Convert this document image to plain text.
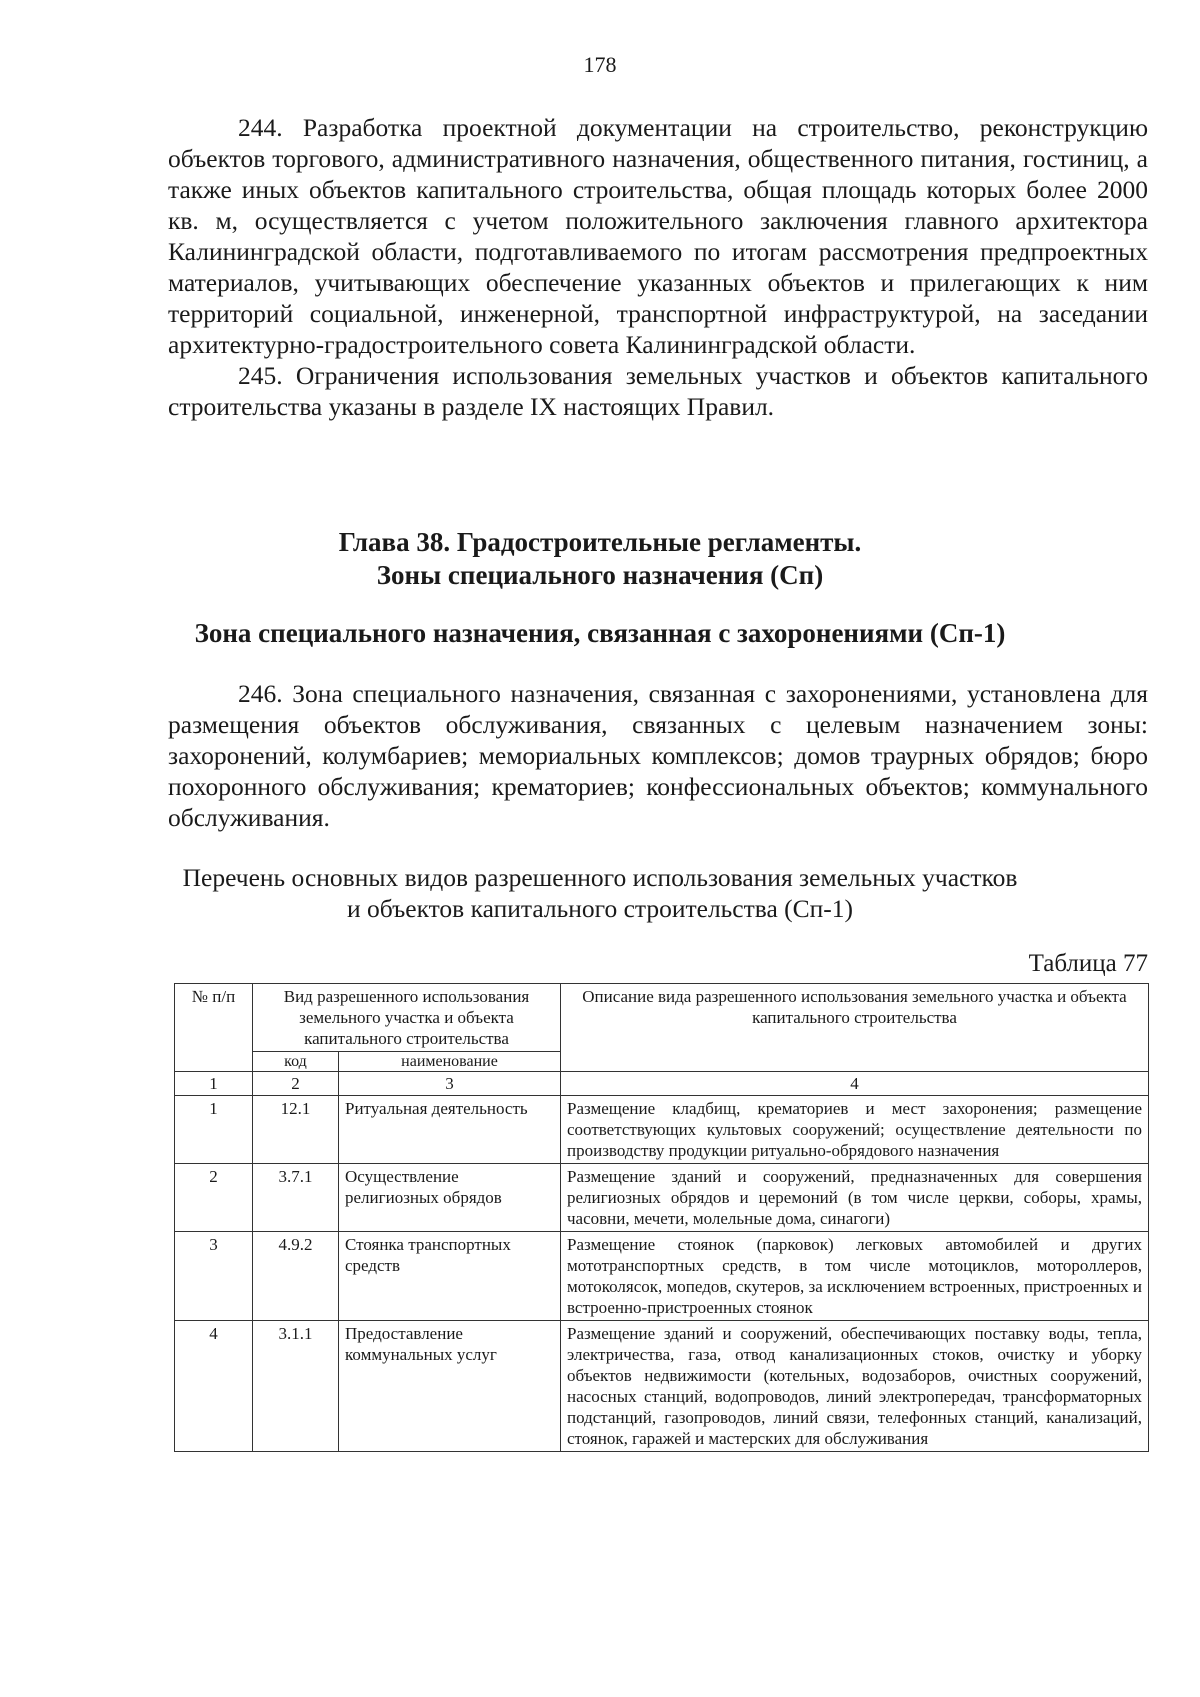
178

244. Разработка проектной документации на строительство, реконструкцию объектов торгового, административного назначения, общественного питания, гостиниц, а также иных объектов капитального строительства, общая площадь которых более 2000 кв. м, осуществляется с учетом положительного заключения главного архитектора Калининградской области, подготавливаемого по итогам рассмотрения предпроектных материалов, учитывающих обеспечение указанных объектов и прилегающих к ним территорий социальной, инженерной, транспортной инфраструктурой, на заседании архитектурно-градостроительного совета Калининградской области.

245. Ограничения использования земельных участков и объектов капитального строительства указаны в разделе IX настоящих Правил.

Глава 38. Градостроительные регламенты.
Зоны специального назначения (Сп)
Зона специального назначения, связанная с захоронениями (Сп-1)

246. Зона специального назначения, связанная с захоронениями, установлена для размещения объектов обслуживания, связанных с целевым назначением зоны: захоронений, колумбариев; мемориальных комплексов; домов траурных обрядов; бюро похоронного обслуживания; крематориев; конфессиональных объектов; коммунального обслуживания.

Перечень основных видов разрешенного использования земельных участков
и объектов капитального строительства (Сп-1)
Таблица 77
№ п/п	Вид разрешенного использования земельного участка и объекта капитального строительства		Описание вида разрешенного использования земельного участка и объекта капитального строительства
	код	наименование	
1	2	3	4
1	12.1	Ритуальная деятельность	Размещение кладбищ, крематориев и мест захоронения; размещение соответствующих культовых сооружений; осуществление деятельности по производству продукции ритуально-обрядового назначения
2	3.7.1	Осуществление религиозных обрядов	Размещение зданий и сооружений, предназначенных для совершения религиозных обрядов и церемоний (в том числе церкви, соборы, храмы, часовни, мечети, молельные дома, синагоги)
3	4.9.2	Стоянка транспортных средств	Размещение стоянок (парковок) легковых автомобилей и других мототранспортных средств, в том числе мотоциклов, мотороллеров, мотоколясок, мопедов, скутеров, за исключением встроенных, пристроенных и встроенно-пристроенных стоянок
4	3.1.1	Предоставление коммунальных услуг	Размещение зданий и сооружений, обеспечивающих поставку воды, тепла, электричества, газа, отвод канализационных стоков, очистку и уборку объектов недвижимости (котельных, водозаборов, очистных сооружений, насосных станций, водопроводов, линий электропередач, трансформаторных подстанций, газопроводов, линий связи, телефонных станций, канализаций, стоянок, гаражей и мастерских для обслуживания
